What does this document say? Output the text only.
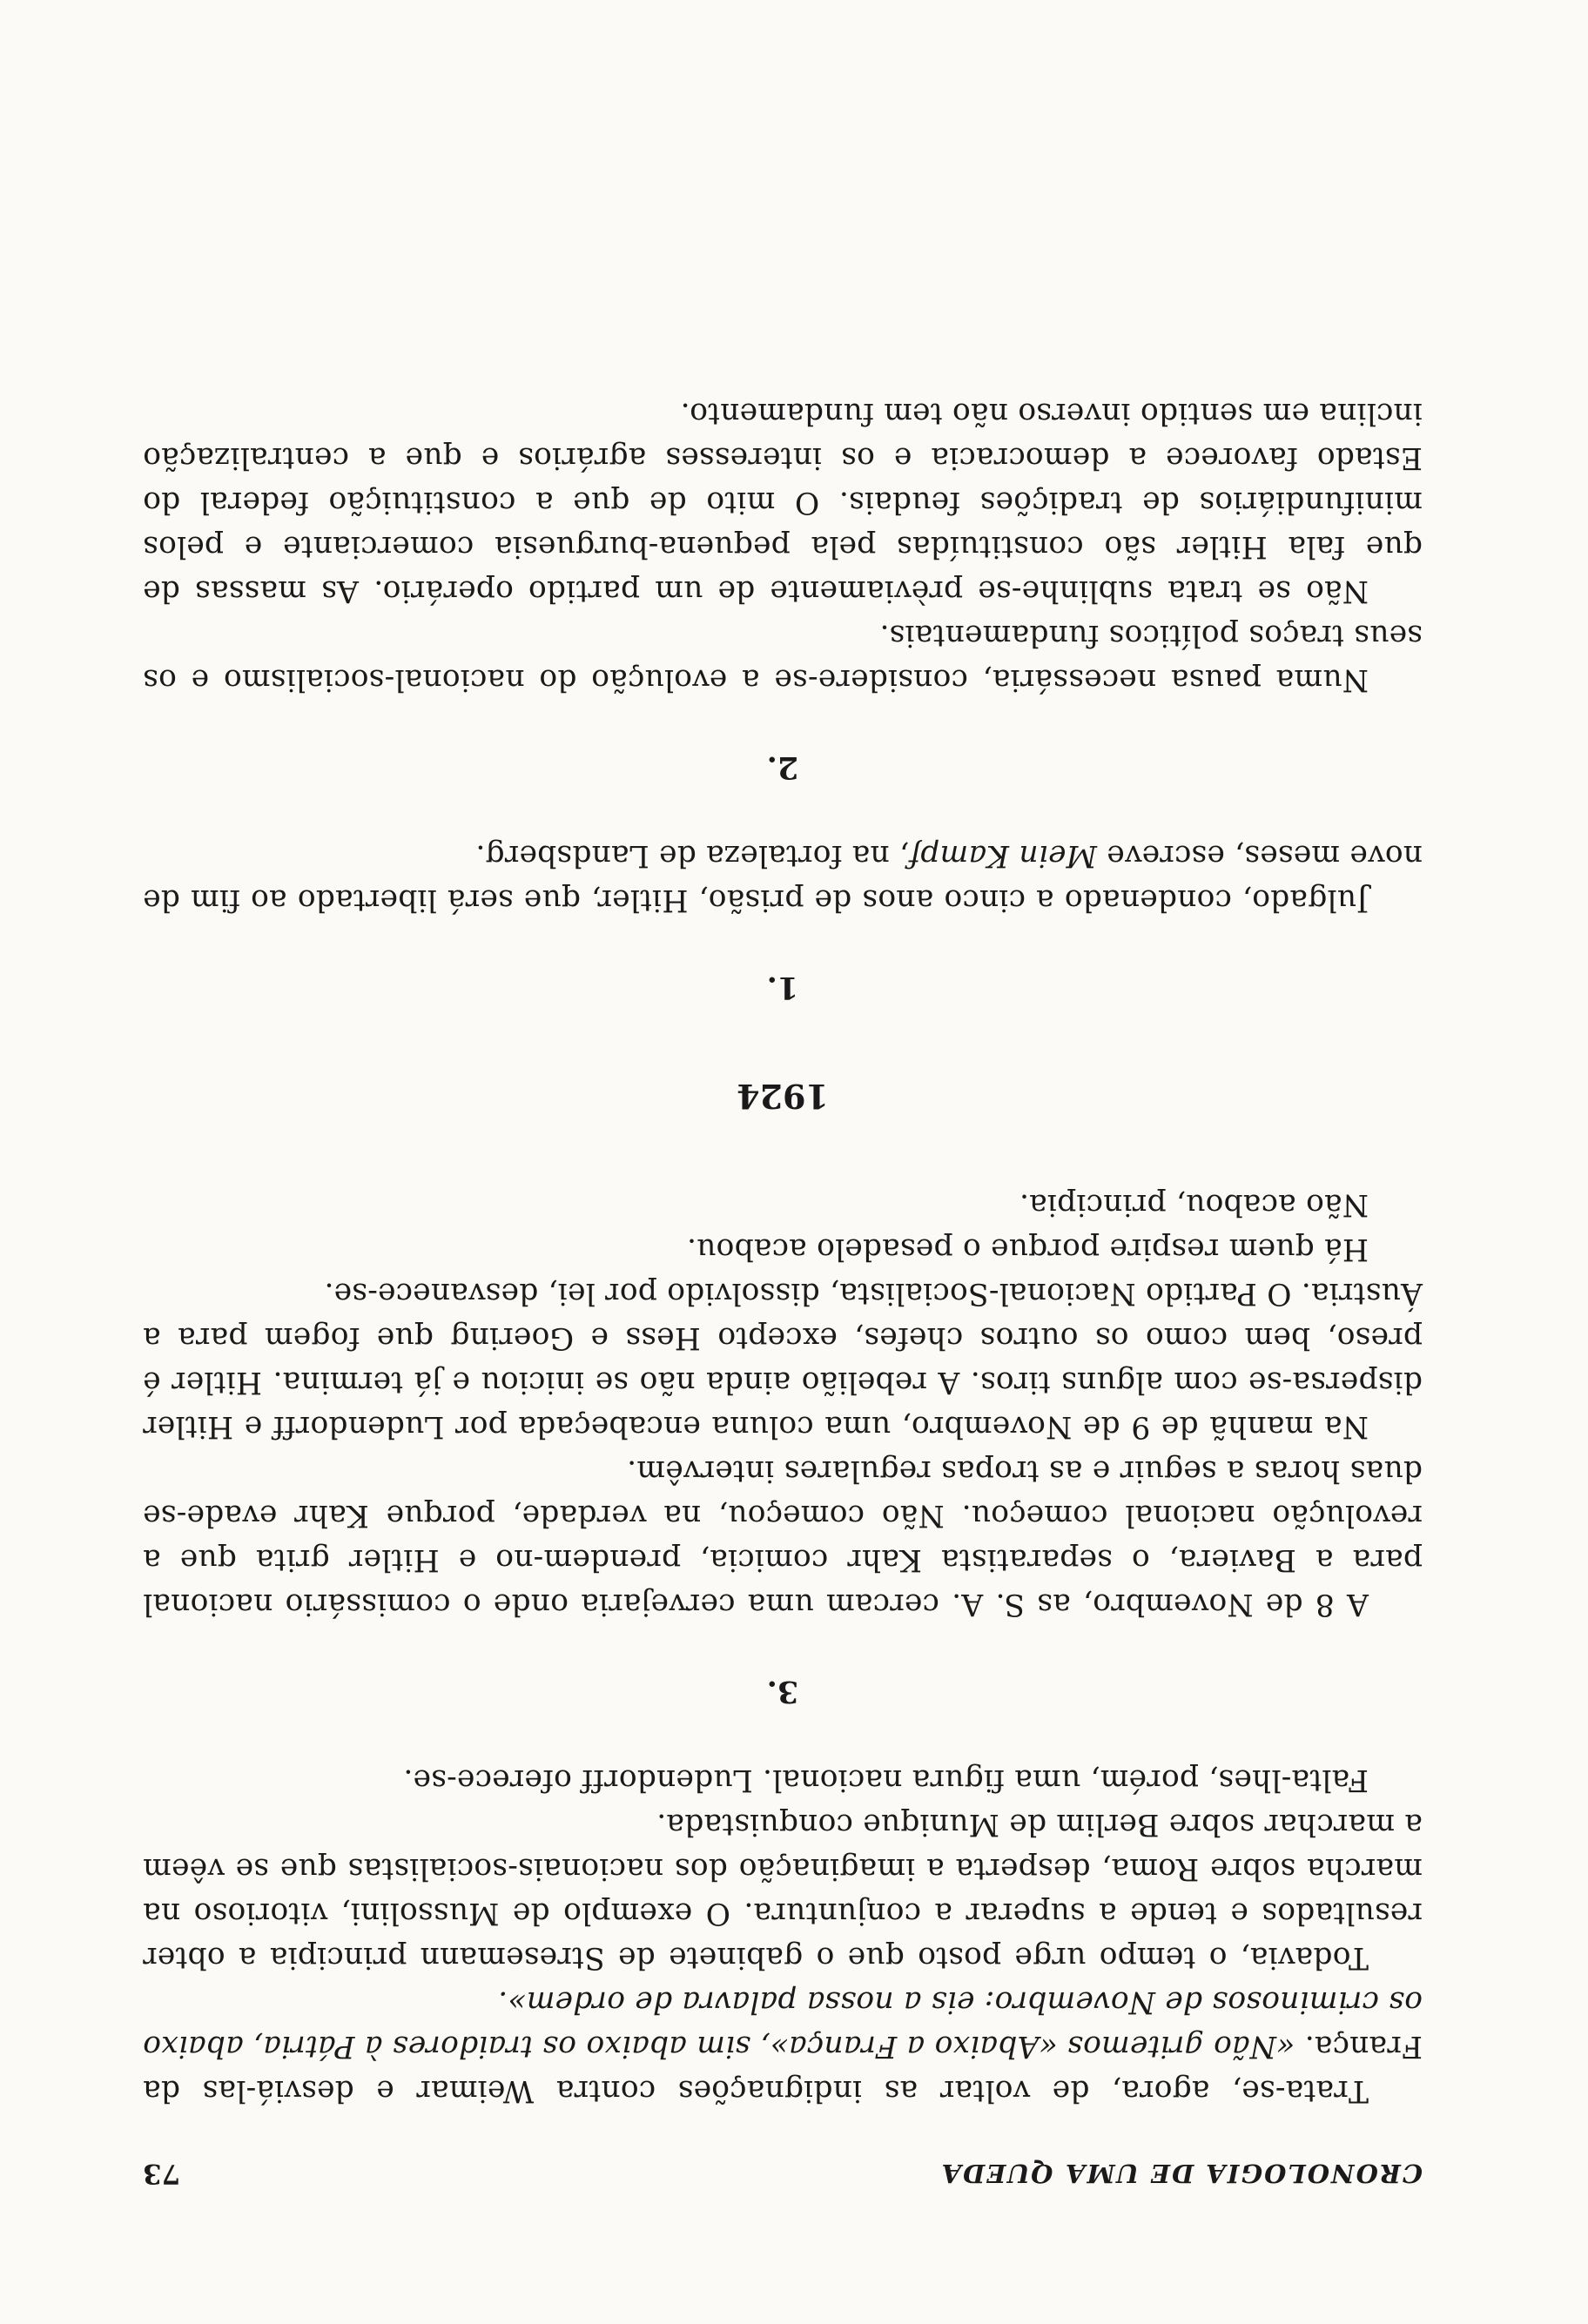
CRONOLOGIA DE UMA QUEDA
73

Trata-se, agora, de voltar as indignações contra Weimar e desviá-las da França. «Não gritemos «Abaixo a França», sim abaixo os traidores à Pátria, abaixo os criminosos de Novembro: eis a nossa palavra de ordem».

Todavia, o tempo urge posto que o gabinete de Stresemann principia a obter resultados e tende a superar a conjuntura. O exemplo de Mussolini, vitorioso na marcha sobre Roma, desperta a imaginação dos nacionais-socialistas que se vêem a marchar sobre Berlim de Munique conquistada.

Falta-lhes, porém, uma figura nacional. Ludendorff oferece-se.

3.

A 8 de Novembro, as S. A. cercam uma cervejaria onde o comissário nacional para a Baviera, o separatista Kahr comicia, prendem-no e Hitler grita que a revolução nacional começou. Não começou, na verdade, porque Kahr evade-se duas horas a seguir e as tropas regulares intervêm.

Na manhã de 9 de Novembro, uma coluna encabeçada por Ludendorff e Hitler dispersa-se com alguns tiros. A rebelião ainda não se iniciou e já termina. Hitler é preso, bem como os outros chefes, excepto Hess e Goering que fogem para a Áustria. O Partido Nacional-Socialista, dissolvido por lei, desvanece-se.

Há quem respire porque o pesadelo acabou.

Não acabou, principia.

1924
1.

Julgado, condenado a cinco anos de prisão, Hitler, que será libertado ao fim de nove meses, escreve Mein Kampf, na fortaleza de Landsberg.

2.

Numa pausa necessária, considere-se a evolução do nacional-socialismo e os seus traços políticos fundamentais.

Não se trata sublinhe-se prèviamente de um partido operário. As massas de que fala Hitler são constituídas pela pequena-burguesia comerciante e pelos minifundiários de tradições feudais. O mito de que a constituição federal do Estado favorece a democracia e os interesses agrários e que a centralização inclina em sentido inverso não tem fundamento.
